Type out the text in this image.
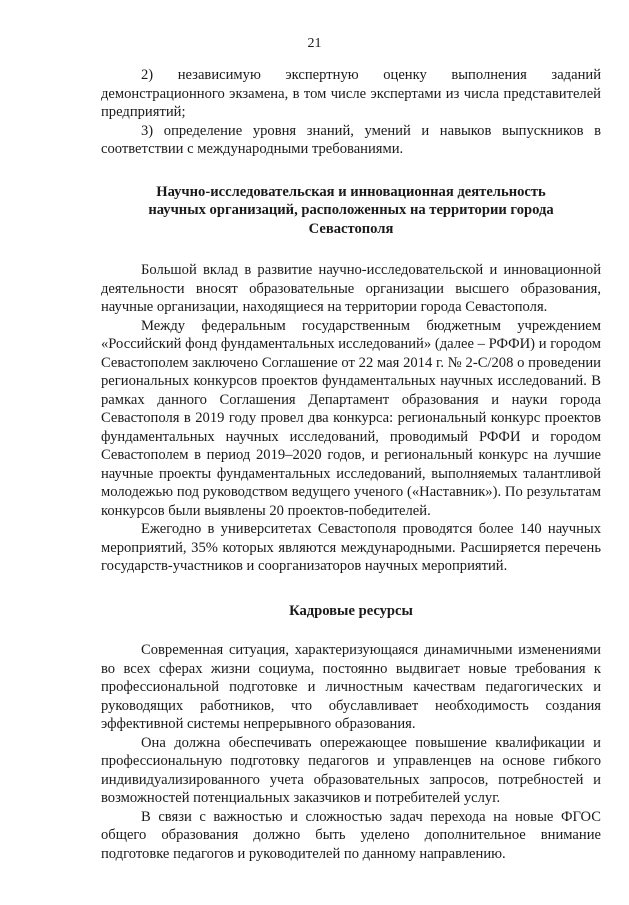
21

2) независимую экспертную оценку выполнения заданий демонстрационного экзамена, в том числе экспертами из числа представителей предприятий;

3) определение уровня знаний, умений и навыков выпускников в соответствии с международными требованиями.

Научно-исследовательская и инновационная деятельность научных организаций, расположенных на территории города Севастополя

Большой вклад в развитие научно-исследовательской и инновационной деятельности вносят образовательные организации высшего образования, научные организации, находящиеся на территории города Севастополя.

Между федеральным государственным бюджетным учреждением «Российский фонд фундаментальных исследований» (далее – РФФИ) и городом Севастополем заключено Соглашение от 22 мая 2014 г. № 2-С/208 о проведении региональных конкурсов проектов фундаментальных научных исследований. В рамках данного Соглашения Департамент образования и науки города Севастополя в 2019 году провел два конкурса: региональный конкурс проектов фундаментальных научных исследований, проводимый РФФИ и городом Севастополем в период 2019–2020 годов, и региональный конкурс на лучшие научные проекты фундаментальных исследований, выполняемых талантливой молодежью под руководством ведущего ученого («Наставник»). По результатам конкурсов были выявлены 20 проектов-победителей.

Ежегодно в университетах Севастополя проводятся более 140 научных мероприятий, 35% которых являются международными. Расширяется перечень государств-участников и соорганизаторов научных мероприятий.

Кадровые ресурсы

Современная ситуация, характеризующаяся динамичными изменениями во всех сферах жизни социума, постоянно выдвигает новые требования к профессиональной подготовке и личностным качествам педагогических и руководящих работников, что обуславливает необходимость создания эффективной системы непрерывного образования.

Она должна обеспечивать опережающее повышение квалификации и профессиональную подготовку педагогов и управленцев на основе гибкого индивидуализированного учета образовательных запросов, потребностей и возможностей потенциальных заказчиков и потребителей услуг.

В связи с важностью и сложностью задач перехода на новые ФГОС общего образования должно быть уделено дополнительное внимание подготовке педагогов и руководителей по данному направлению.
